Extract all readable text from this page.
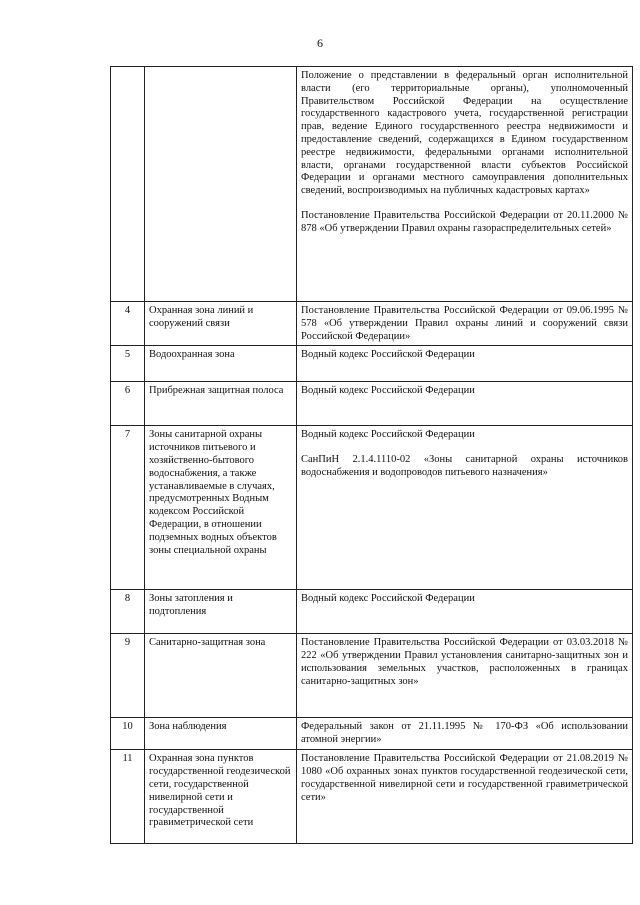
6

		Положение о представлении в федеральный орган исполнительной власти (его территориальные органы), уполномоченный Правительством Российской Федерации на осуществление государственного кадастрового учета, государственной регистрации прав, ведение Единого государственного реестра недвижимости и предоставление сведений, содержащихся в Едином государственном реестре недвижимости, федеральными органами исполнительной власти, органами государственной власти субъектов Российской Федерации и органами местного самоуправления дополнительных сведений, воспроизводимых на публичных кадастровых картах»

Постановление Правительства Российской Федерации от 20.11.2000 № 878 «Об утверждении Правил охраны газораспределительных сетей»

4	Охранная зона линий и сооружений связи	Постановление Правительства Российской Федерации от 09.06.1995 № 578 «Об утверждении Правил охраны линий и сооружений связи Российской Федерации»

5	Водоохранная зона	Водный кодекс Российской Федерации

6	Прибрежная защитная полоса	Водный кодекс Российской Федерации

7	Зоны санитарной охраны источников питьевого и хозяйственно-бытового водоснабжения, а также устанавливаемые в случаях, предусмотренных Водным кодексом Российской Федерации, в отношении подземных водных объектов зоны специальной охраны	Водный кодекс Российской Федерации

СанПиН 2.1.4.1110-02 «Зоны санитарной охраны источников водоснабжения и водопроводов питьевого назначения»

8	Зоны затопления и подтопления	Водный кодекс Российской Федерации

9	Санитарно-защитная зона	Постановление Правительства Российской Федерации от 03.03.2018 № 222 «Об утверждении Правил установления санитарно-защитных зон и использования земельных участков, расположенных в границах санитарно-защитных зон»

10	Зона наблюдения	Федеральный закон от 21.11.1995 № 170-ФЗ «Об использовании атомной энергии»

11	Охранная зона пунктов государственной геодезической сети, государственной нивелирной сети и государственной гравиметрической сети	Постановление Правительства Российской Федерации от 21.08.2019 № 1080 «Об охранных зонах пунктов государственной геодезической сети, государственной нивелирной сети и государственной гравиметрической сети»
